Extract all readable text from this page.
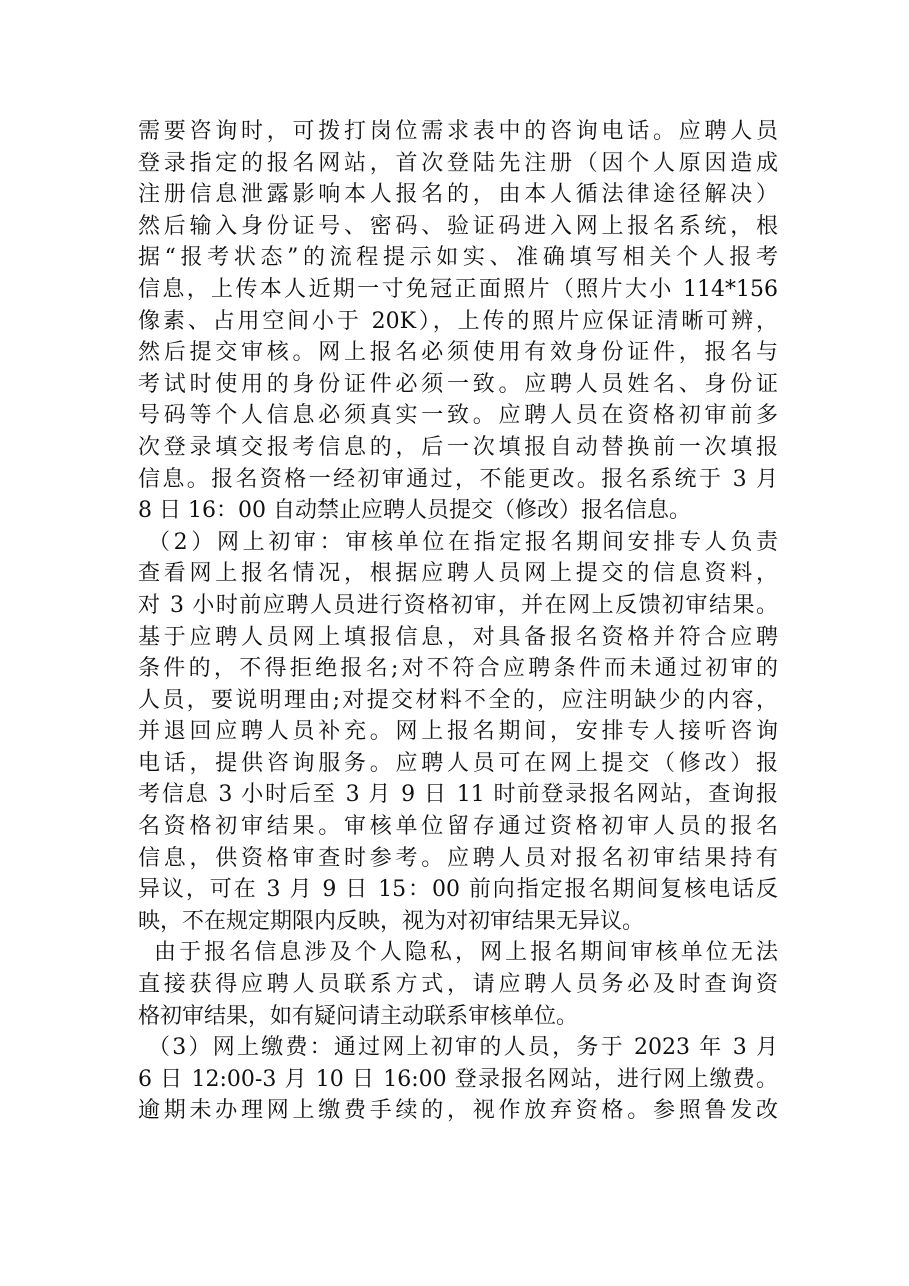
需要咨询时，可拨打岗位需求表中的咨询电话。应聘人员
登录指定的报名网站，首次登陆先注册（因个人原因造成
注册信息泄露影响本人报名的，由本人循法律途径解决）
然后输入身份证号、密码、验证码进入网上报名系统，根
据“报考状态”的流程提示如实、准确填写相关个人报考
信息，上传本人近期一寸免冠正面照片（照片大小 114*156
像素、占用空间小于 20K），上传的照片应保证清晰可辨，
然后提交审核。网上报名必须使用有效身份证件，报名与
考试时使用的身份证件必须一致。应聘人员姓名、身份证
号码等个人信息必须真实一致。应聘人员在资格初审前多
次登录填交报考信息的，后一次填报自动替换前一次填报
信息。报名资格一经初审通过，不能更改。报名系统于 3 月
8 日 16：00 自动禁止应聘人员提交（修改）报名信息。
（2）网上初审：审核单位在指定报名期间安排专人负责
查看网上报名情况，根据应聘人员网上提交的信息资料，
对 3 小时前应聘人员进行资格初审，并在网上反馈初审结果。
基于应聘人员网上填报信息，对具备报名资格并符合应聘
条件的，不得拒绝报名;对不符合应聘条件而未通过初审的
人员，要说明理由;对提交材料不全的，应注明缺少的内容，
并退回应聘人员补充。网上报名期间，安排专人接听咨询
电话，提供咨询服务。应聘人员可在网上提交（修改）报
考信息 3 小时后至 3 月 9 日 11 时前登录报名网站，查询报
名资格初审结果。审核单位留存通过资格初审人员的报名
信息，供资格审查时参考。应聘人员对报名初审结果持有
异议，可在 3 月 9 日 15：00 前向指定报名期间复核电话反
映，不在规定期限内反映，视为对初审结果无异议。
由于报名信息涉及个人隐私，网上报名期间审核单位无法
直接获得应聘人员联系方式，请应聘人员务必及时查询资
格初审结果，如有疑问请主动联系审核单位。
（3）网上缴费：通过网上初审的人员，务于 2023 年 3 月
6 日 12:00-3 月 10 日 16:00 登录报名网站，进行网上缴费。
逾期未办理网上缴费手续的，视作放弃资格。参照鲁发改
